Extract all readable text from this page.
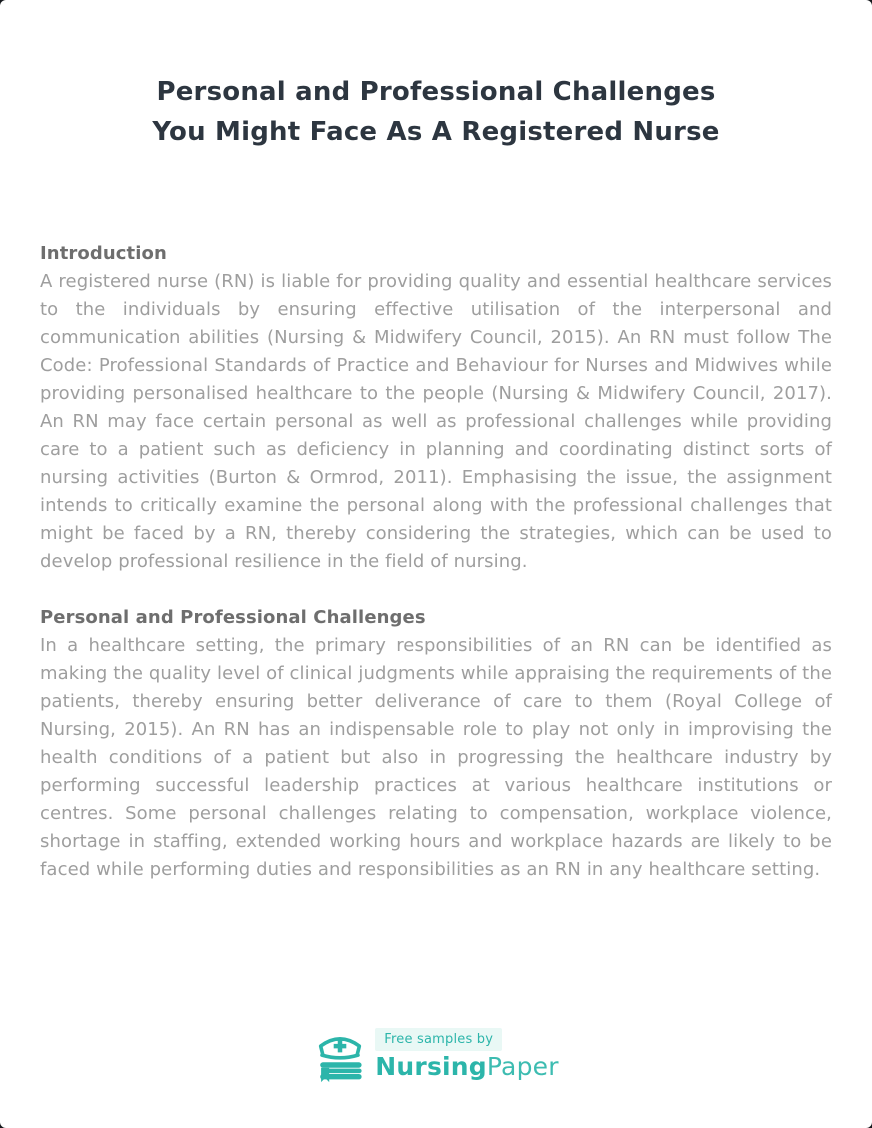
Personal and Professional Challenges
You Might Face As A Registered Nurse
Introduction
A registered nurse (RN) is liable for providing quality and essential healthcare services to the individuals by ensuring effective utilisation of the interpersonal and communication abilities (Nursing & Midwifery Council, 2015). An RN must follow The Code: Professional Standards of Practice and Behaviour for Nurses and Midwives while providing personalised healthcare to the people (Nursing & Midwifery Council, 2017). An RN may face certain personal as well as professional challenges while providing care to a patient such as deficiency in planning and coordinating distinct sorts of nursing activities (Burton & Ormrod, 2011). Emphasising the issue, the assignment intends to critically examine the personal along with the professional challenges that might be faced by a RN, thereby considering the strategies, which can be used to develop professional resilience in the field of nursing.
Personal and Professional Challenges
In a healthcare setting, the primary responsibilities of an RN can be identified as making the quality level of clinical judgments while appraising the requirements of the patients, thereby ensuring better deliverance of care to them (Royal College of Nursing, 2015). An RN has an indispensable role to play not only in improvising the health conditions of a patient but also in progressing the healthcare industry by performing successful leadership practices at various healthcare institutions or centres. Some personal challenges relating to compensation, workplace violence, shortage in staffing, extended working hours and workplace hazards are likely to be faced while performing duties and responsibilities as an RN in any healthcare setting.
Free samples by
NursingPaper
